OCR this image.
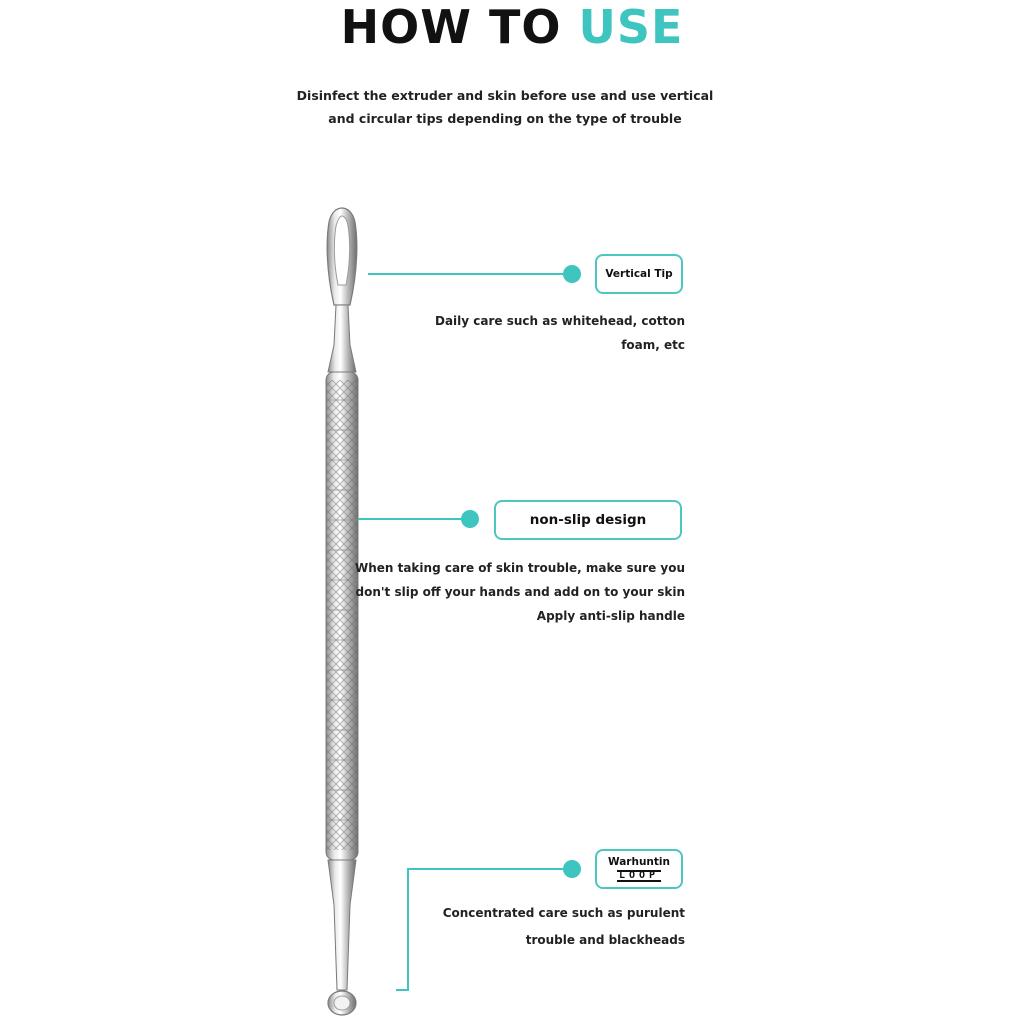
HOW TO USE
Disinfect the extruder and skin before use and use vertical
and circular tips depending on the type of trouble
Vertical Tip
Daily care such as whitehead, cotton
foam, etc
non-slip design
When taking care of skin trouble, make sure you
don't slip off your hands and add on to your skin
Apply anti-slip handle
Warhuntin
LOOP
Concentrated care such as purulent
trouble and blackheads
